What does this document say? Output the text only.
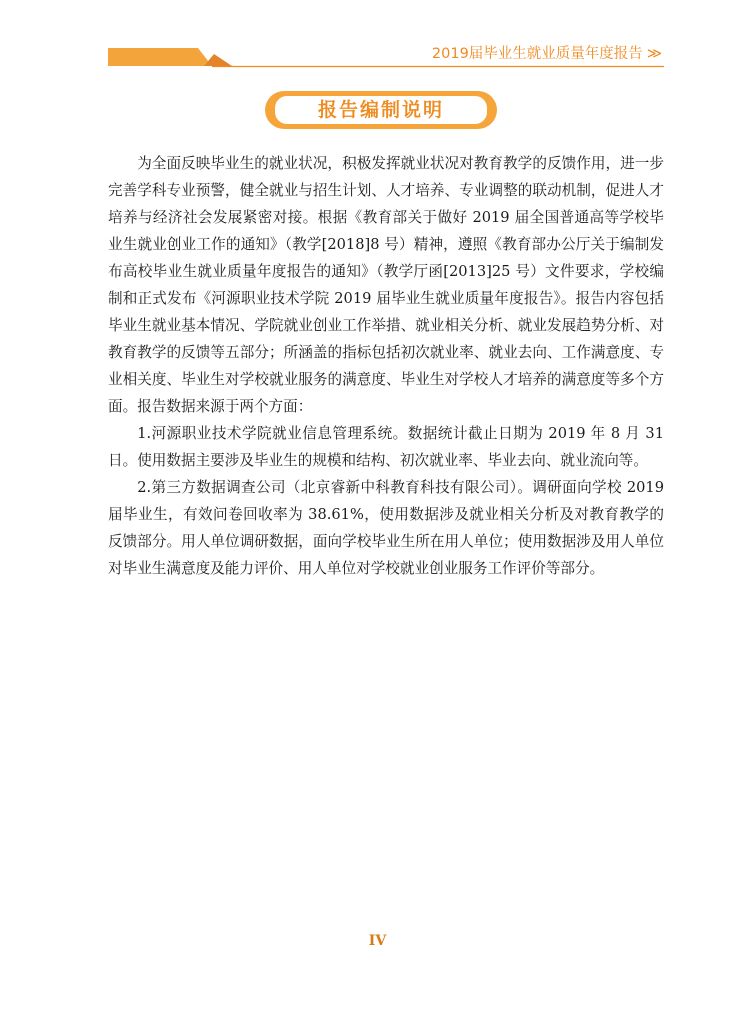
2019届毕业生就业质量年度报告 ≫
报告编制说明

为全面反映毕业生的就业状况，积极发挥就业状况对教育教学的反馈作用，进一步完善学科专业预警，健全就业与招生计划、人才培养、专业调整的联动机制，促进人才培养与经济社会发展紧密对接。根据《教育部关于做好 2019 届全国普通高等学校毕业生就业创业工作的通知》（教学[2018]8 号）精神，遵照《教育部办公厅关于编制发布高校毕业生就业质量年度报告的通知》（教学厅函[2013]25 号）文件要求，学校编制和正式发布《河源职业技术学院 2019 届毕业生就业质量年度报告》。报告内容包括毕业生就业基本情况、学院就业创业工作举措、就业相关分析、就业发展趋势分析、对教育教学的反馈等五部分；所涵盖的指标包括初次就业率、就业去向、工作满意度、专业相关度、毕业生对学校就业服务的满意度、毕业生对学校人才培养的满意度等多个方面。报告数据来源于两个方面：

1.河源职业技术学院就业信息管理系统。数据统计截止日期为 2019 年 8 月 31 日。使用数据主要涉及毕业生的规模和结构、初次就业率、毕业去向、就业流向等。

2.第三方数据调查公司（北京睿新中科教育科技有限公司）。调研面向学校 2019 届毕业生，有效问卷回收率为 38.61%，使用数据涉及就业相关分析及对教育教学的反馈部分。用人单位调研数据，面向学校毕业生所在用人单位；使用数据涉及用人单位对毕业生满意度及能力评价、用人单位对学校就业创业服务工作评价等部分。

IV
